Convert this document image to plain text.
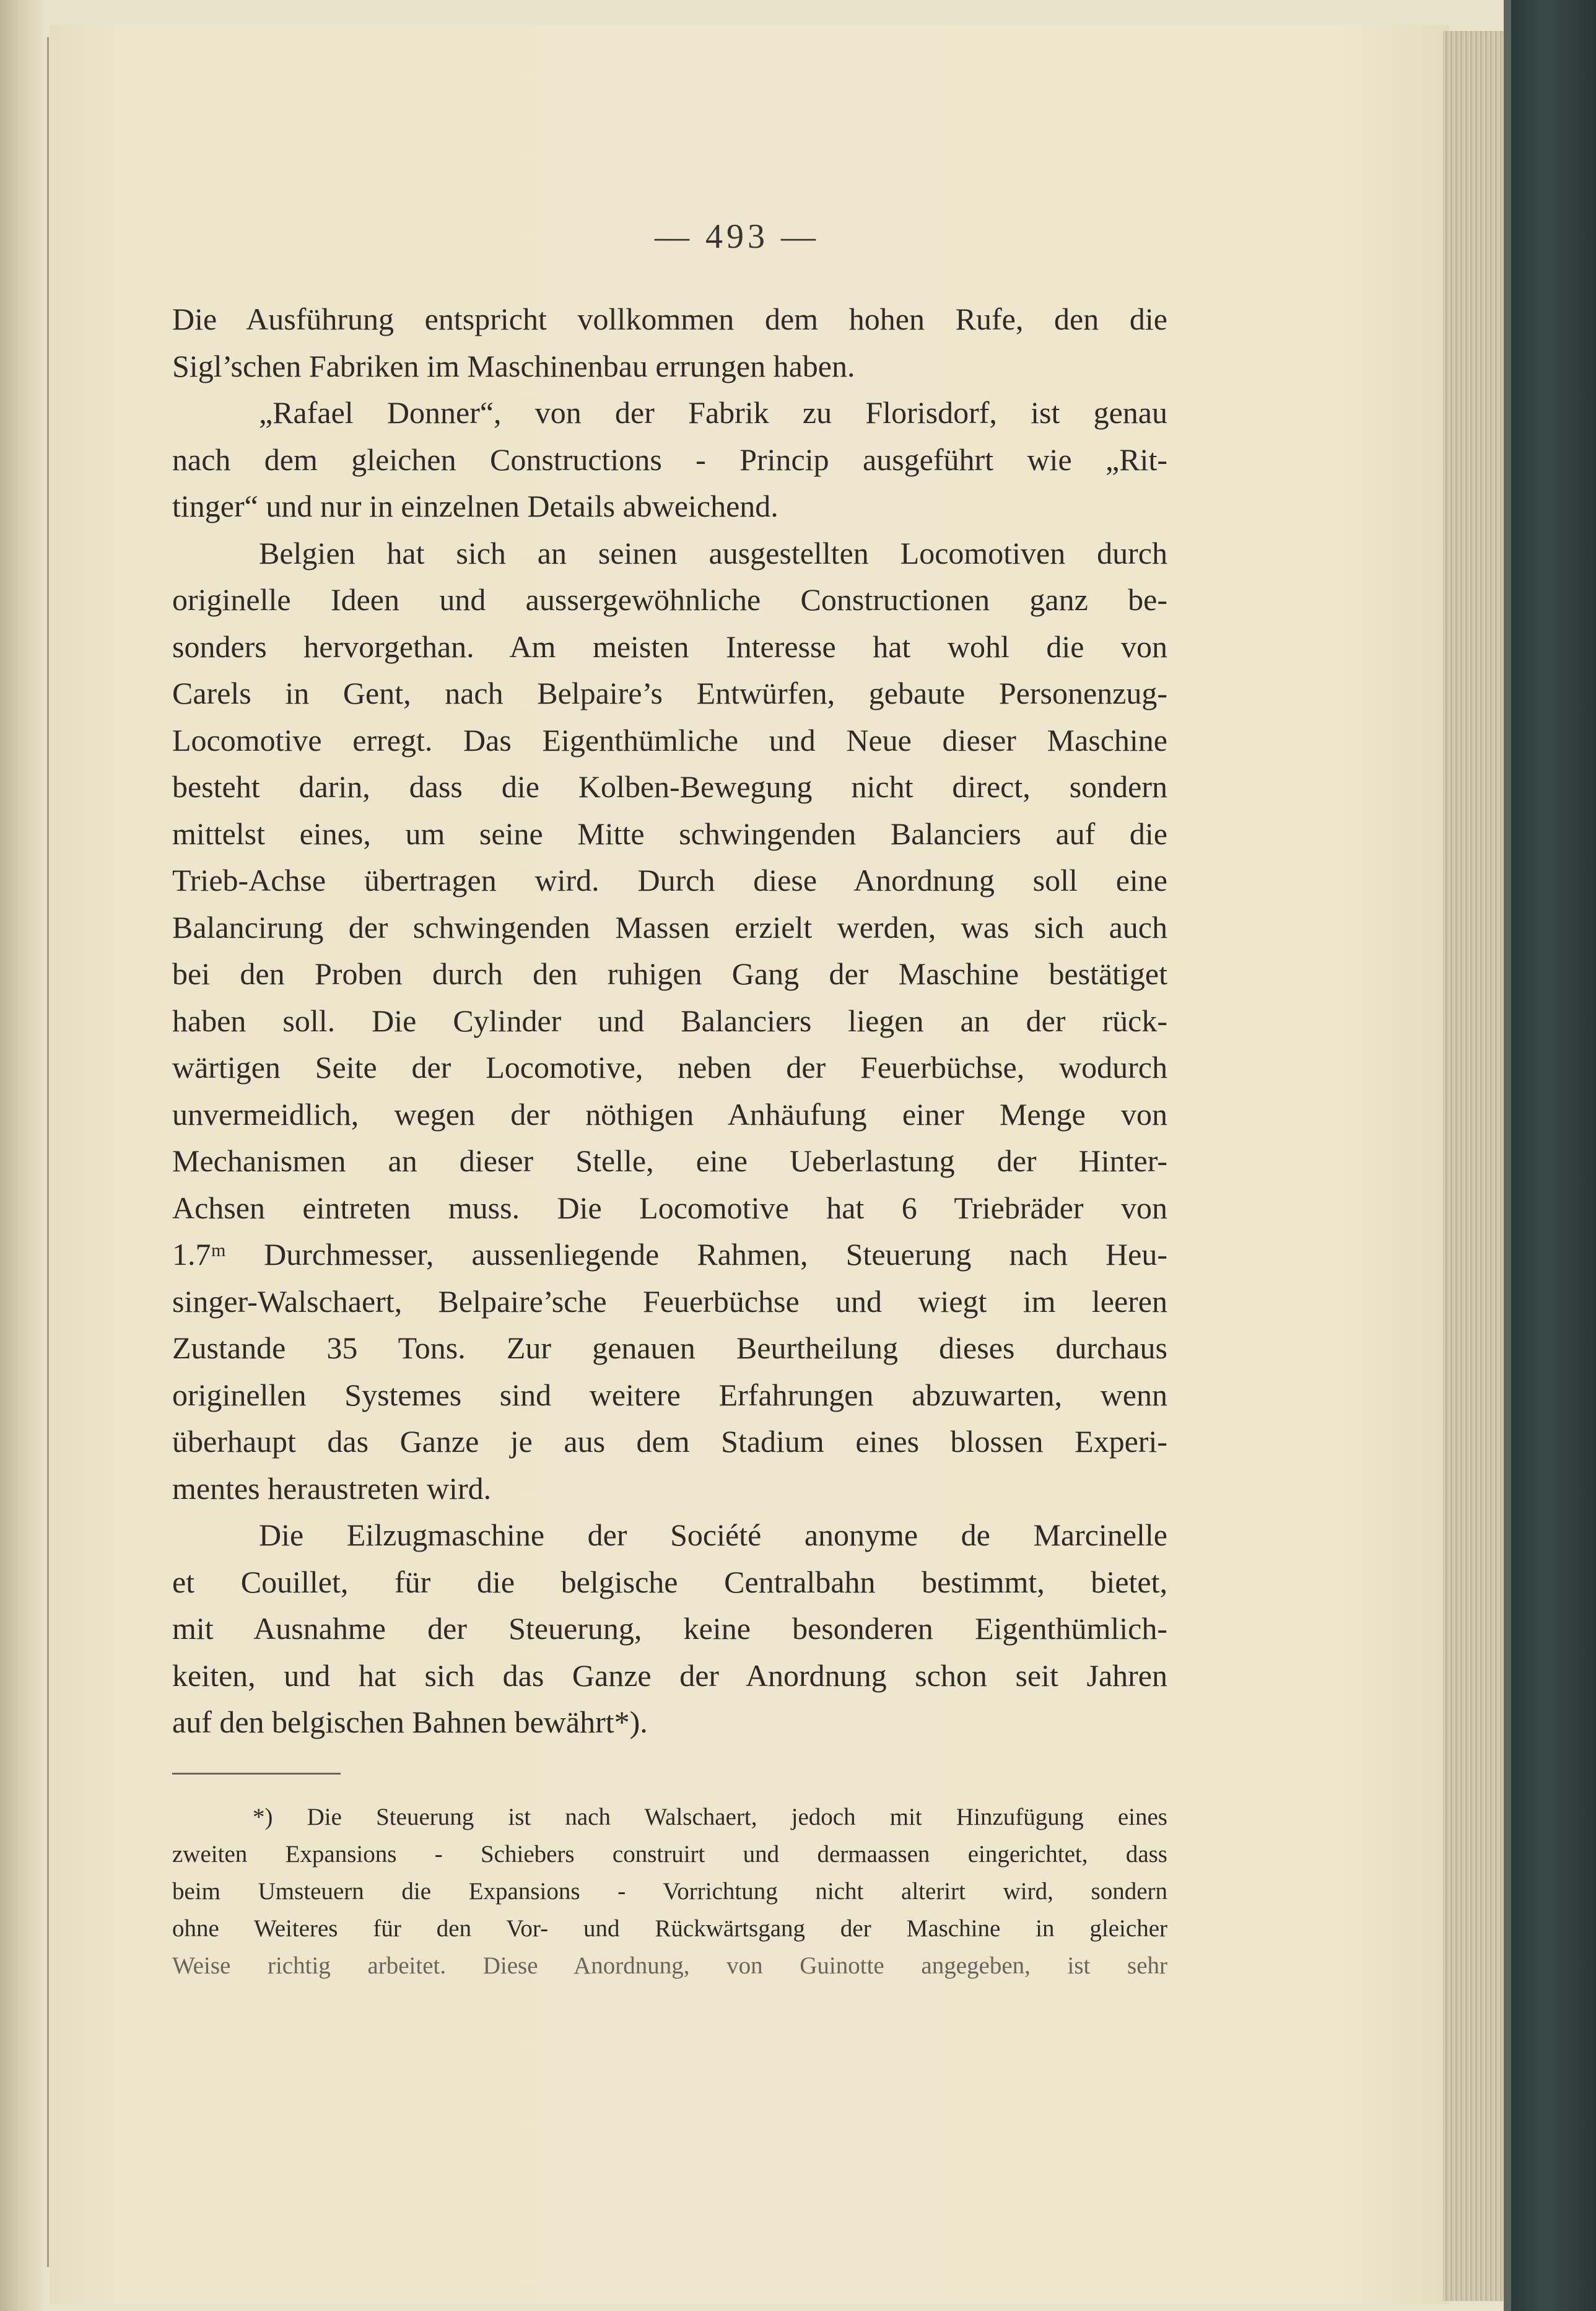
— 493 —
Die Ausführung entspricht vollkommen dem hohen Rufe, den die
Sigl’schen Fabriken im Maschinenbau errungen haben.
„Rafael Donner“, von der Fabrik zu Florisdorf, ist genau
nach dem gleichen Constructions - Princip ausgeführt wie „Rit-
tinger“ und nur in einzelnen Details abweichend.
Belgien hat sich an seinen ausgestellten Locomotiven durch
originelle Ideen und aussergewöhnliche Constructionen ganz be-
sonders hervorgethan. Am meisten Interesse hat wohl die von
Carels in Gent, nach Belpaire’s Entwürfen, gebaute Personenzug-
Locomotive erregt. Das Eigenthümliche und Neue dieser Maschine
besteht darin, dass die Kolben-Bewegung nicht direct, sondern
mittelst eines, um seine Mitte schwingenden Balanciers auf die
Trieb-Achse übertragen wird. Durch diese Anordnung soll eine
Balancirung der schwingenden Massen erzielt werden, was sich auch
bei den Proben durch den ruhigen Gang der Maschine bestätiget
haben soll. Die Cylinder und Balanciers liegen an der rück-
wärtigen Seite der Locomotive, neben der Feuerbüchse, wodurch
unvermeidlich, wegen der nöthigen Anhäufung einer Menge von
Mechanismen an dieser Stelle, eine Ueberlastung der Hinter-
Achsen eintreten muss. Die Locomotive hat 6 Triebräder von
1.7ᵐ Durchmesser, aussenliegende Rahmen, Steuerung nach Heu-
singer-Walschaert, Belpaire’sche Feuerbüchse und wiegt im leeren
Zustande 35 Tons. Zur genauen Beurtheilung dieses durchaus
originellen Systemes sind weitere Erfahrungen abzuwarten, wenn
überhaupt das Ganze je aus dem Stadium eines blossen Experi-
mentes heraustreten wird.
Die Eilzugmaschine der Société anonyme de Marcinelle
et Couillet, für die belgische Centralbahn bestimmt, bietet,
mit Ausnahme der Steuerung, keine besonderen Eigenthümlich-
keiten, und hat sich das Ganze der Anordnung schon seit Jahren
auf den belgischen Bahnen bewährt*).
*) Die Steuerung ist nach Walschaert, jedoch mit Hinzufügung eines
zweiten Expansions - Schiebers construirt und dermaassen eingerichtet, dass
beim Umsteuern die Expansions - Vorrichtung nicht alterirt wird, sondern
ohne Weiteres für den Vor- und Rückwärtsgang der Maschine in gleicher
Weise richtig arbeitet. Diese Anordnung, von Guinotte angegeben, ist sehr
